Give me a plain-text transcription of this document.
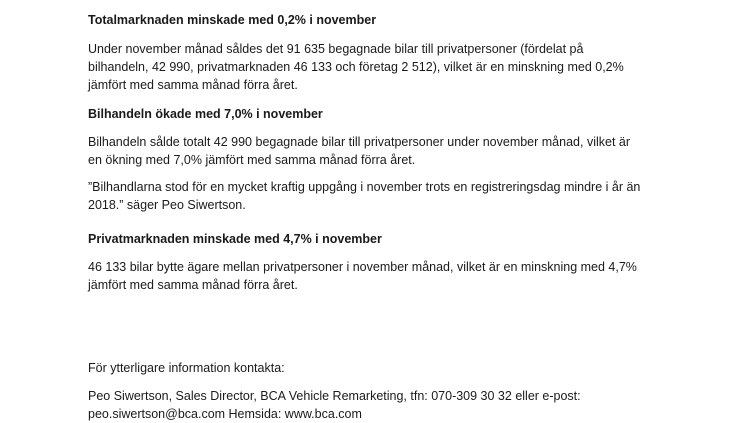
Totalmarknaden minskade med 0,2% i november

Under november månad såldes det 91 635 begagnade bilar till privatpersoner (fördelat på
bilhandeln, 42 990, privatmarknaden 46 133 och företag 2 512), vilket är en minskning med 0,2%
jämfört med samma månad förra året.

Bilhandeln ökade med 7,0% i november

Bilhandeln sålde totalt 42 990 begagnade bilar till privatpersoner under november månad, vilket är
en ökning med 7,0% jämfört med samma månad förra året.

”Bilhandlarna stod för en mycket kraftig uppgång i november trots en registreringsdag mindre i år än
2018.” säger Peo Siwertson.

Privatmarknaden minskade med 4,7% i november

46 133 bilar bytte ägare mellan privatpersoner i november månad, vilket är en minskning med 4,7%
jämfört med samma månad förra året.

För ytterligare information kontakta:

Peo Siwertson, Sales Director, BCA Vehicle Remarketing, tfn: 070-309 30 32 eller e-post:
peo.siwertson@bca.com Hemsida: www.bca.com
